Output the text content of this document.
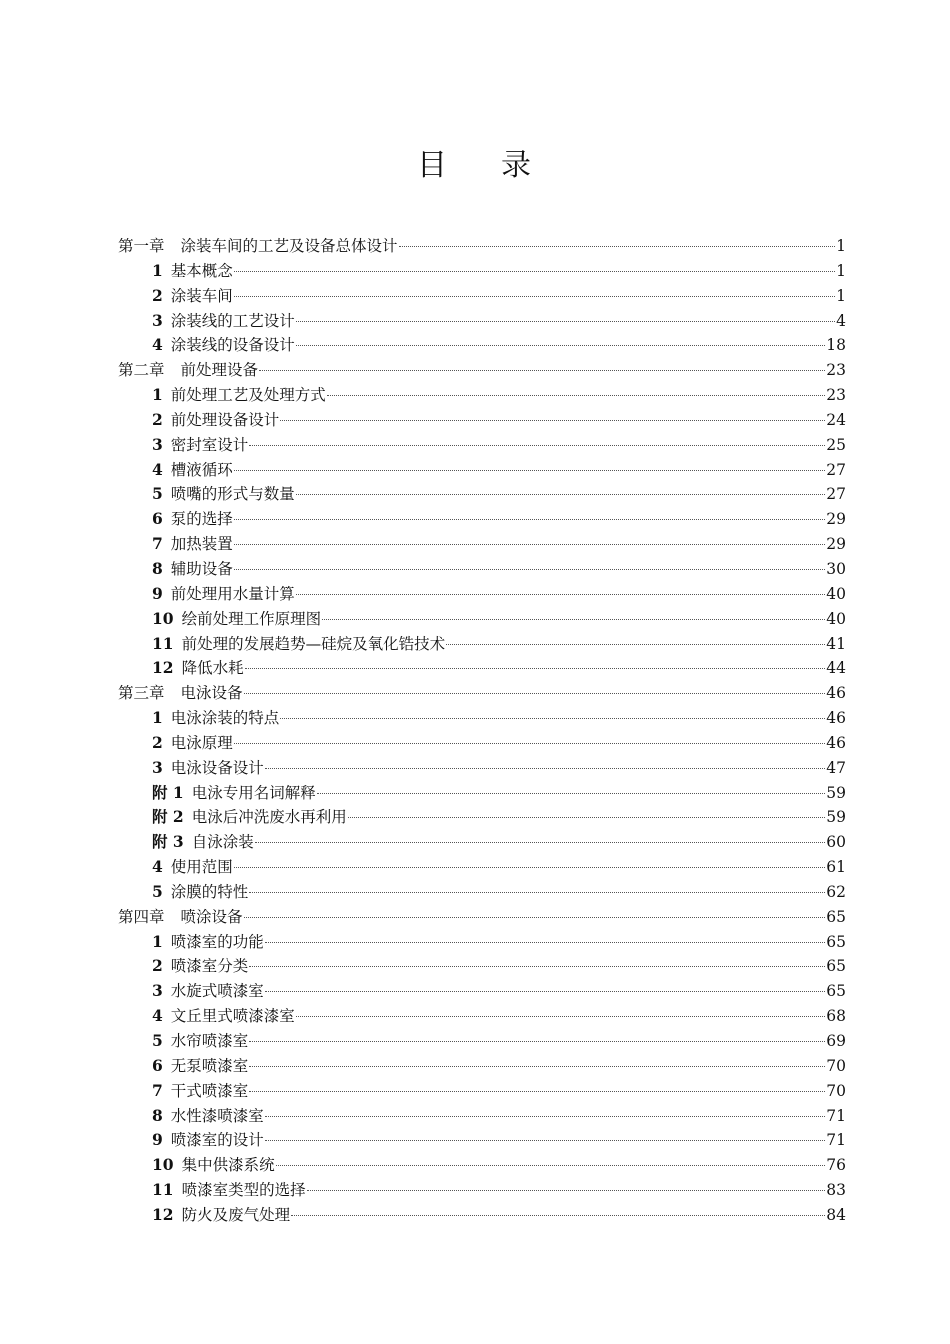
目 录
第一章 涂装车间的工艺及设备总体设计	1
1 基本概念	1
2 涂装车间	1
3 涂装线的工艺设计	4
4 涂装线的设备设计	18
第二章 前处理设备	23
1 前处理工艺及处理方式	23
2 前处理设备设计	24
3 密封室设计	25
4 槽液循环	27
5 喷嘴的形式与数量	27
6 泵的选择	29
7 加热装置	29
8 辅助设备	30
9 前处理用水量计算	40
10 绘前处理工作原理图	40
11 前处理的发展趋势—硅烷及氧化锆技术	41
12 降低水耗	44
第三章 电泳设备	46
1 电泳涂装的特点	46
2 电泳原理	46
3 电泳设备设计	47
附 1 电泳专用名词解释	59
附 2 电泳后冲洗废水再利用	59
附 3 自泳涂装	60
4 使用范围	61
5 涂膜的特性	62
第四章 喷涂设备	65
1 喷漆室的功能	65
2 喷漆室分类	65
3 水旋式喷漆室	65
4 文丘里式喷漆漆室	68
5 水帘喷漆室	69
6 无泵喷漆室	70
7 干式喷漆室	70
8 水性漆喷漆室	71
9 喷漆室的设计	71
10 集中供漆系统	76
11 喷漆室类型的选择	83
12 防火及废气处理	84
